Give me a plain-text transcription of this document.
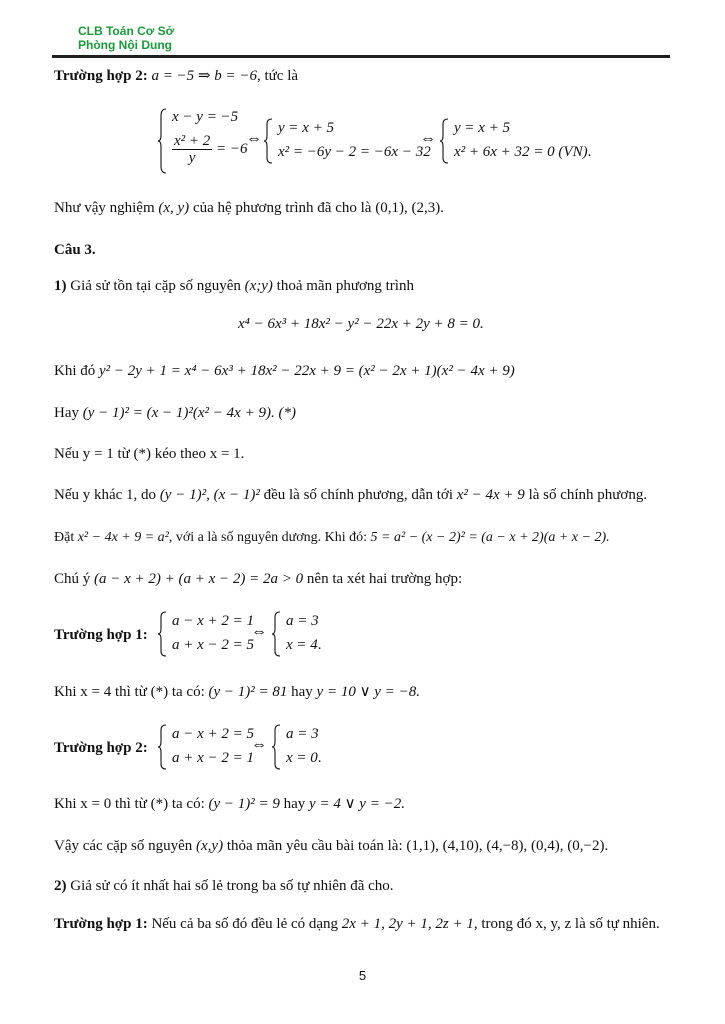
CLB Toán Cơ Sở
Phòng Nội Dung
Trường hợp 2: a = −5 ⇒ b = −6, tức là
x − y = −5
$\frac{\text{x² + 2}}{y} = -6$
⇔
y = x + 5
x² = −6y − 2 = −6x − 32
⇔
y = x + 5
x² + 6x + 32 = 0 (VN).
Như vậy nghiệm (x, y) của hệ phương trình đã cho là (0,1), (2,3).
Câu 3.
1) Giả sử tồn tại cặp số nguyên (x;y) thoả mãn phương trình
x⁴ − 6x³ + 18x² − y² − 22x + 2y + 8 = 0.
Khi đó y² − 2y + 1 = x⁴ − 6x³ + 18x² − 22x + 9 = (x² − 2x + 1)(x² − 4x + 9)
Hay (y − 1)² = (x − 1)²(x² − 4x + 9). (*)
Nếu y = 1 từ (*) kéo theo x = 1.
Nếu y khác 1, do (y − 1)², (x − 1)² đều là số chính phương, dẫn tới x² − 4x + 9 là số chính phương.
Đặt x² − 4x + 9 = a², với a là số nguyên dương. Khi đó: 5 = a² − (x − 2)² = (a − x + 2)(a + x − 2).
Chú ý (a − x + 2) + (a + x − 2) = 2a > 0 nên ta xét hai trường hợp:
Trường hợp 1:
a − x + 2 = 1
a + x − 2 = 5
⇔
a = 3
x = 4.
Khi x = 4 thì từ (*) ta có: (y − 1)² = 81 hay y = 10 ∨ y = −8.
Trường hợp 2:
a − x + 2 = 5
a + x − 2 = 1
⇔
a = 3
x = 0.
Khi x = 0 thì từ (*) ta có: (y − 1)² = 9 hay y = 4 ∨ y = −2.
Vậy các cặp số nguyên (x,y) thỏa mãn yêu cầu bài toán là: (1,1), (4,10), (4,−8), (0,4), (0,−2).
2) Giả sử có ít nhất hai số lẻ trong ba số tự nhiên đã cho.
Trường hợp 1: Nếu cả ba số đó đều lẻ có dạng 2x + 1, 2y + 1, 2z + 1, trong đó x, y, z là số tự nhiên.
5
